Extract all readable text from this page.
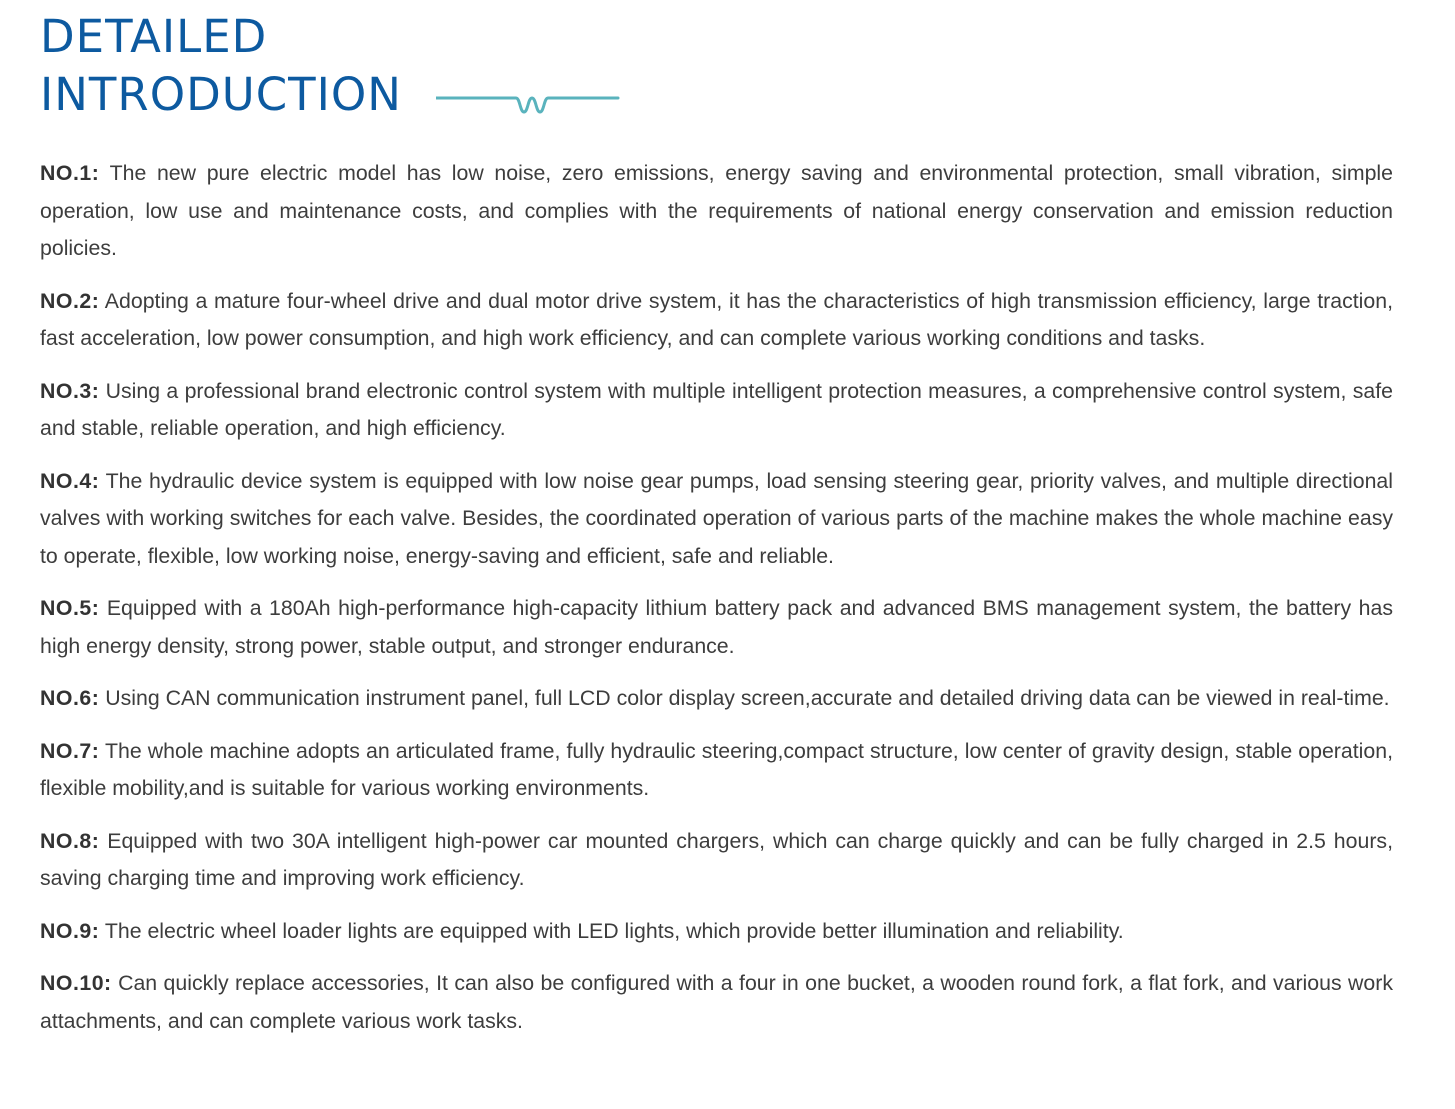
DETAILED
INTRODUCTION

NO.1: The new pure electric model has low noise, zero emissions, energy saving and environmental protection, small vibration, simple operation, low use and maintenance costs, and complies with the requirements of national energy conservation and emission reduction policies.

NO.2: Adopting a mature four-wheel drive and dual motor drive system, it has the characteristics of high transmission efficiency, large traction, fast acceleration, low power consumption, and high work efficiency, and can complete various working conditions and tasks.

NO.3: Using a professional brand electronic control system with multiple intelligent protection measures, a comprehensive control system, safe and stable, reliable operation, and high efficiency.

NO.4: The hydraulic device system is equipped with low noise gear pumps, load sensing steering gear, priority valves, and multiple directional valves with working switches for each valve. Besides, the coordinated operation of various parts of the machine makes the whole machine easy to operate, flexible, low working noise, energy-saving and efficient, safe and reliable.

NO.5: Equipped with a 180Ah high-performance high-capacity lithium battery pack and advanced BMS management system, the battery has high energy density, strong power, stable output, and stronger endurance.

NO.6: Using CAN communication instrument panel, full LCD color display screen,accurate and detailed driving data can be viewed in real-time.

NO.7: The whole machine adopts an articulated frame, fully hydraulic steering,compact structure, low center of gravity design, stable operation, flexible mobility,and is suitable for various working environments.

NO.8: Equipped with two 30A intelligent high-power car mounted chargers, which can charge quickly and can be fully charged in 2.5 hours, saving charging time and improving work efficiency.

NO.9: The electric wheel loader lights are equipped with LED lights, which provide better illumination and reliability.

NO.10: Can quickly replace accessories, It can also be configured with a four in one bucket, a wooden round fork, a flat fork, and various work attachments, and can complete various work tasks.
